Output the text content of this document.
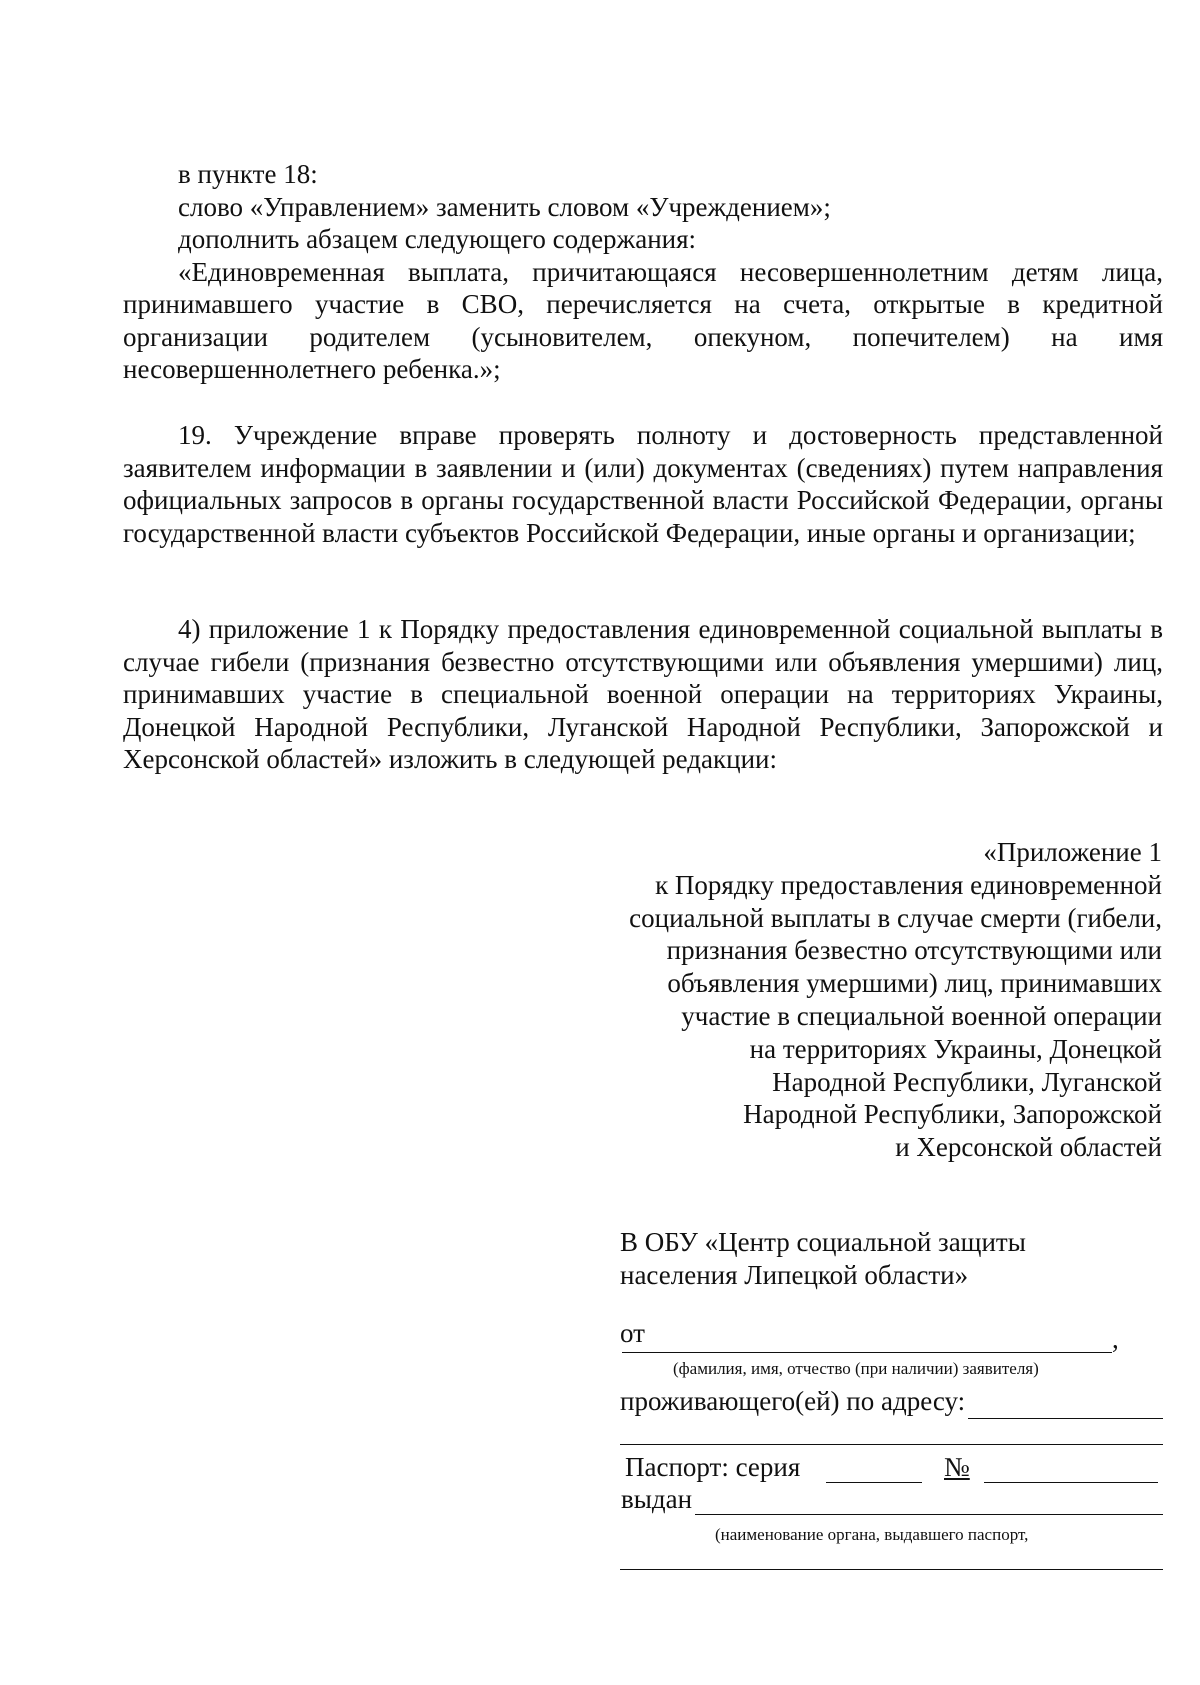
в пункте 18:

слово «Управлением» заменить словом «Учреждением»;

дополнить абзацем следующего содержания:

«Единовременная выплата, причитающаяся несовершеннолетним детям лица, принимавшего участие в СВО, перечисляется на счета, открытые в кредитной организации родителем (усыновителем, опекуном, попечителем) на имя несовершеннолетнего ребенка.»;

19. Учреждение вправе проверять полноту и достоверность представленной заявителем информации в заявлении и (или) документах (сведениях) путем направления официальных запросов в органы государственной власти Российской Федерации, органы государственной власти субъектов Российской Федерации, иные органы и организации;

4) приложение 1 к Порядку предоставления единовременной социальной выплаты в случае гибели (признания безвестно отсутствующими или объявления умершими) лиц, принимавших участие в специальной военной операции на территориях Украины, Донецкой Народной Республики, Луганской Народной Республики, Запорожской и Херсонской областей» изложить в следующей редакции:

«Приложение 1
к Порядку предоставления единовременной
социальной выплаты в случае смерти (гибели,
признания безвестно отсутствующими или
объявления умершими) лиц, принимавших
участие в специальной военной операции
на территориях Украины, Донецкой
Народной Республики, Луганской
Народной Республики, Запорожской
и Херсонской областей
В ОБУ «Центр социальной защиты
населения Липецкой области»
от	,
(фамилия, имя, отчество (при наличии) заявителя)
проживающего(ей) по адресу:
Паспорт: серия	№
выдан
(наименование органа, выдавшего паспорт,
